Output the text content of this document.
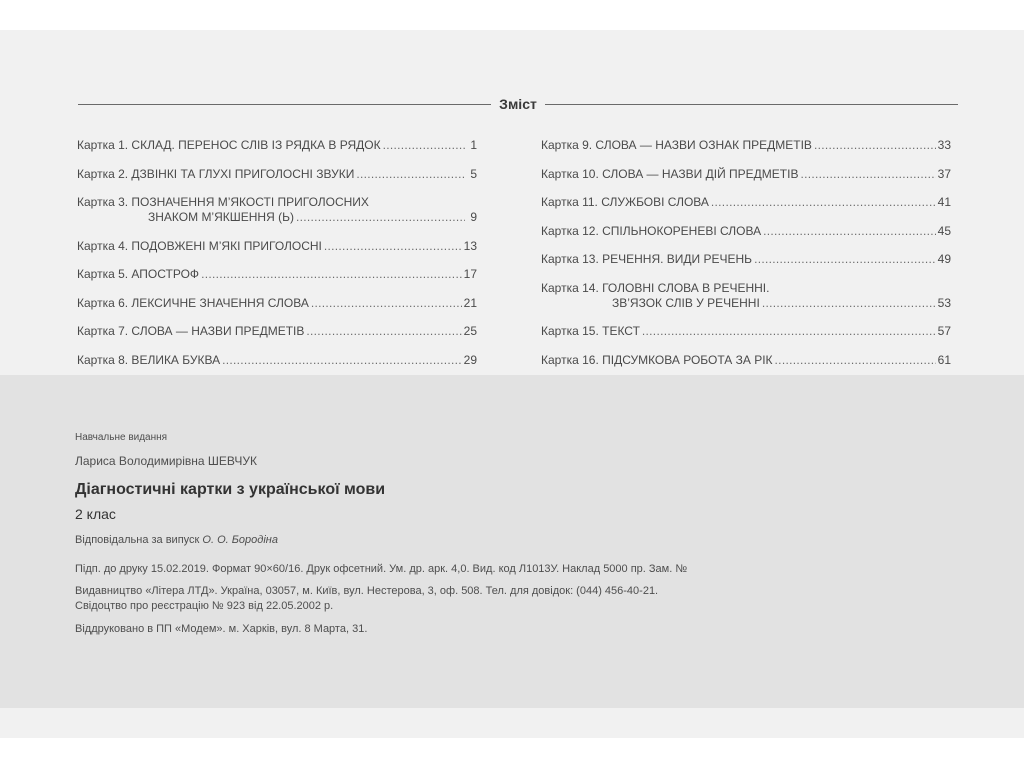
Зміст
Картка 1. СКЛАД. ПЕРЕНОС СЛІВ ІЗ РЯДКА В РЯДОК .....	1
Картка 2. ДЗВІНКІ ТА ГЛУХІ ПРИГОЛОСНІ ЗВУКИ .....	5
Картка 3. ПОЗНАЧЕННЯ М’ЯКОСТІ ПРИГОЛОСНИХ
ЗНАКОМ М’ЯКШЕННЯ (Ь) .....	9
Картка 4. ПОДОВЖЕНІ М’ЯКІ ПРИГОЛОСНІ .....	13
Картка 5. АПОСТРОФ .....	17
Картка 6. ЛЕКСИЧНЕ ЗНАЧЕННЯ СЛОВА .....	21
Картка 7. СЛОВА — НАЗВИ ПРЕДМЕТІВ .....	25
Картка 8. ВЕЛИКА БУКВА .....	29
Картка 9. СЛОВА — НАЗВИ ОЗНАК ПРЕДМЕТІВ .....	33
Картка 10. СЛОВА — НАЗВИ ДІЙ ПРЕДМЕТІВ .....	37
Картка 11. СЛУЖБОВІ СЛОВА .....	41
Картка 12. СПІЛЬНОКОРЕНЕВІ СЛОВА .....	45
Картка 13. РЕЧЕННЯ. ВИДИ РЕЧЕНЬ .....	49
Картка 14. ГОЛОВНІ СЛОВА В РЕЧЕННІ.
ЗВ’ЯЗОК СЛІВ У РЕЧЕННІ .....	53
Картка 15. ТЕКСТ .....	57
Картка 16. ПІДСУМКОВА РОБОТА ЗА РІК .....	61
Навчальне видання
Лариса Володимирівна ШЕВЧУК
Діагностичні картки з української мови
2 клас
Відповідальна за випуск О. О. Бородіна
Підп. до друку 15.02.2019. Формат 90×60/16. Друк офсетний. Ум. др. арк. 4,0. Вид. код Л1013У. Наклад 5000 пр. Зам. №
Видавництво «Літера ЛТД». Україна, 03057, м. Київ, вул. Нестерова, 3, оф. 508. Тел. для довідок: (044) 456-40-21.
Свідоцтво про реєстрацію № 923 від 22.05.2002 р.
Віддруковано в ПП «Модем». м. Харків, вул. 8 Марта, 31.
